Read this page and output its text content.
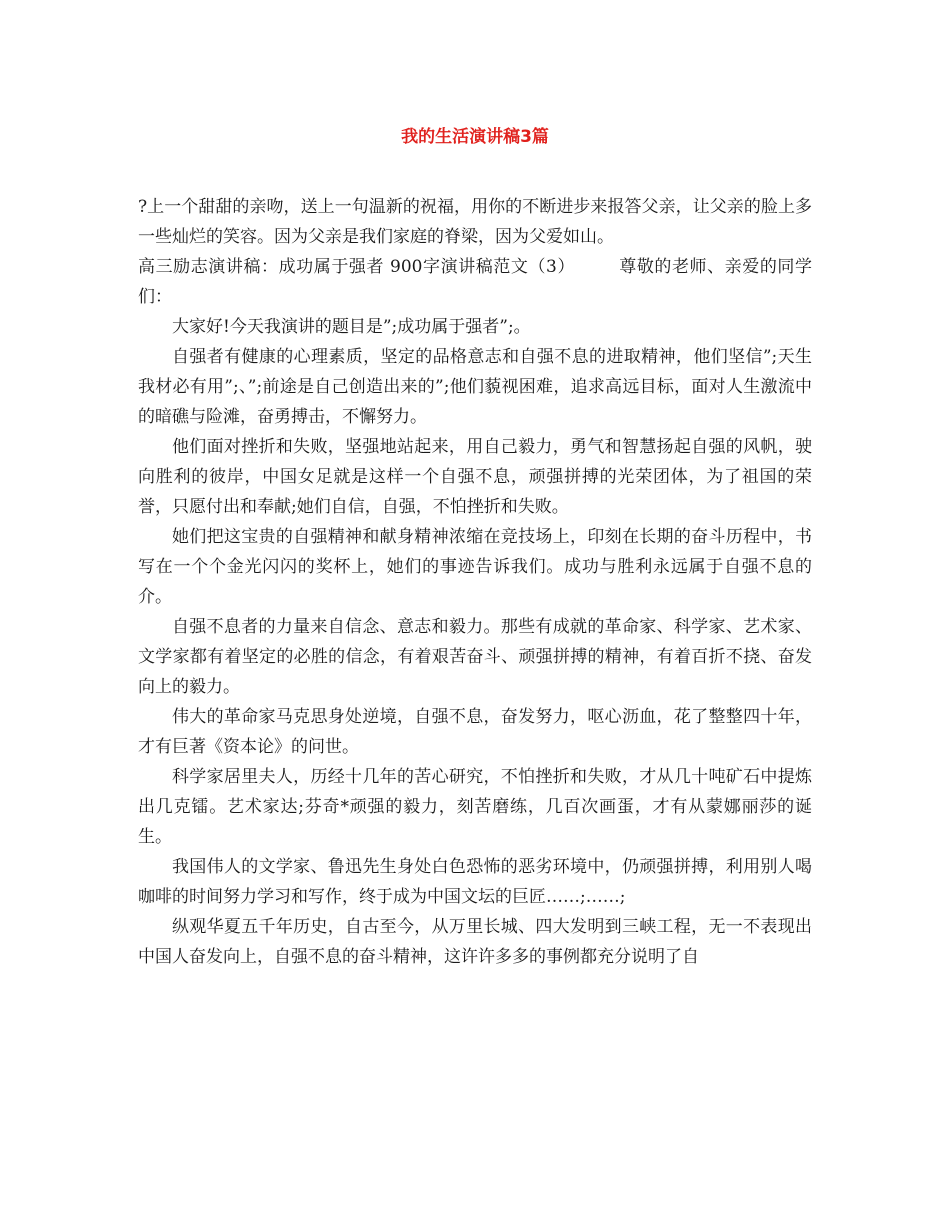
我的生活演讲稿3篇

?上一个甜甜的亲吻，送上一句温新的祝福，用你的不断进步来报答父亲，让父亲的脸上多一些灿烂的笑容。因为父亲是我们家庭的脊梁，因为父爱如山。

高三励志演讲稿：成功属于强者 900字演讲稿范文（3）　　　尊敬的老师、亲爱的同学们：

大家好!今天我演讲的题目是”;成功属于强者”;。

自强者有健康的心理素质，坚定的品格意志和自强不息的进取精神，他们坚信”;天生我材必有用”;、”;前途是自己创造出来的”;他们藐视困难，追求高远目标，面对人生激流中的暗礁与险滩，奋勇搏击，不懈努力。

他们面对挫折和失败，坚强地站起来，用自己毅力，勇气和智慧扬起自强的风帆，驶向胜利的彼岸，中国女足就是这样一个自强不息，顽强拼搏的光荣团体，为了祖国的荣誉，只愿付出和奉献;她们自信，自强，不怕挫折和失败。

她们把这宝贵的自强精神和献身精神浓缩在竞技场上，印刻在长期的奋斗历程中，书写在一个个金光闪闪的奖杯上，她们的事迹告诉我们。成功与胜利永远属于自强不息的介。

自强不息者的力量来自信念、意志和毅力。那些有成就的革命家、科学家、艺术家、文学家都有着坚定的必胜的信念，有着艰苦奋斗、顽强拼搏的精神，有着百折不挠、奋发向上的毅力。

伟大的革命家马克思身处逆境，自强不息，奋发努力，呕心沥血，花了整整四十年，才有巨著《资本论》的问世。

科学家居里夫人，历经十几年的苦心研究，不怕挫折和失败，才从几十吨矿石中提炼出几克镭。艺术家达;芬奇*顽强的毅力，刻苦磨练，几百次画蛋，才有从蒙娜丽莎的诞生。

我国伟人的文学家、鲁迅先生身处白色恐怖的恶劣环境中，仍顽强拼搏，利用别人喝咖啡的时间努力学习和写作，终于成为中国文坛的巨匠……;……;

纵观华夏五千年历史，自古至今，从万里长城、四大发明到三峡工程，无一不表现出中国人奋发向上，自强不息的奋斗精神，这许许多多的事例都充分说明了自
